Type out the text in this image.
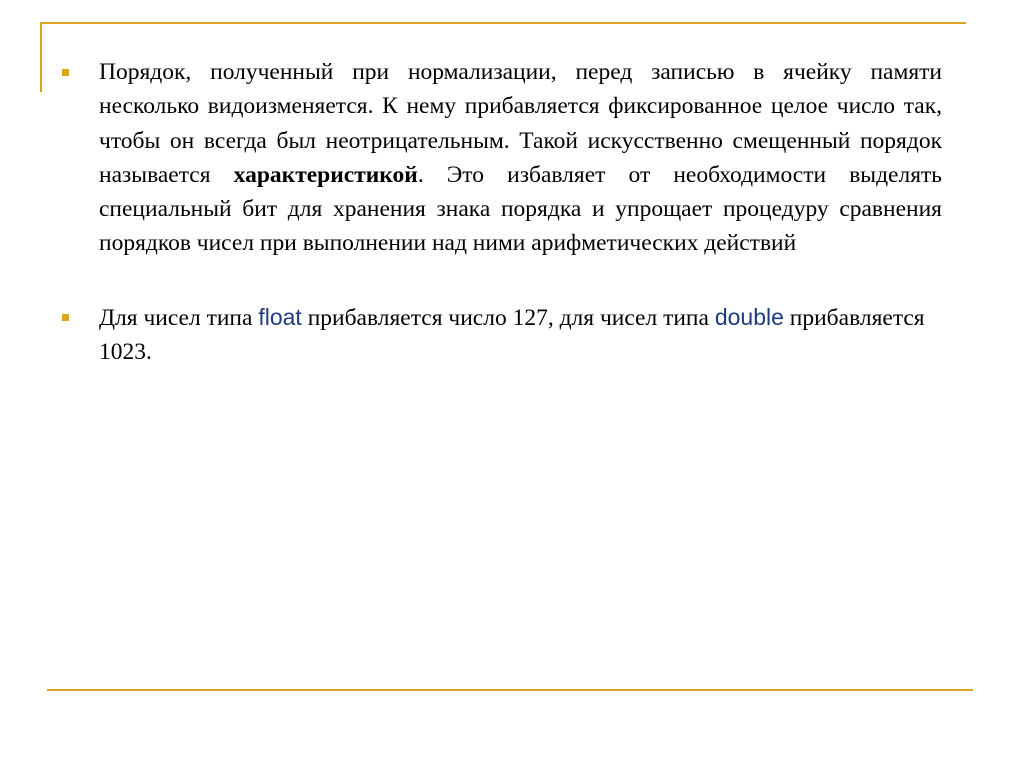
Порядок, полученный при нормализации, перед записью в ячейку памяти несколько видоизменяется. К нему прибавляется фиксированное целое число так, чтобы он всегда был неотрицательным. Такой искусственно смещенный порядок называется характеристикой. Это избавляет от необходимости выделять специальный бит для хранения знака порядка и упрощает процедуру сравнения порядков чисел при выполнении над ними арифметических действий

Для чисел типа float прибавляется число 127, для чисел типа double прибавляется 1023.
